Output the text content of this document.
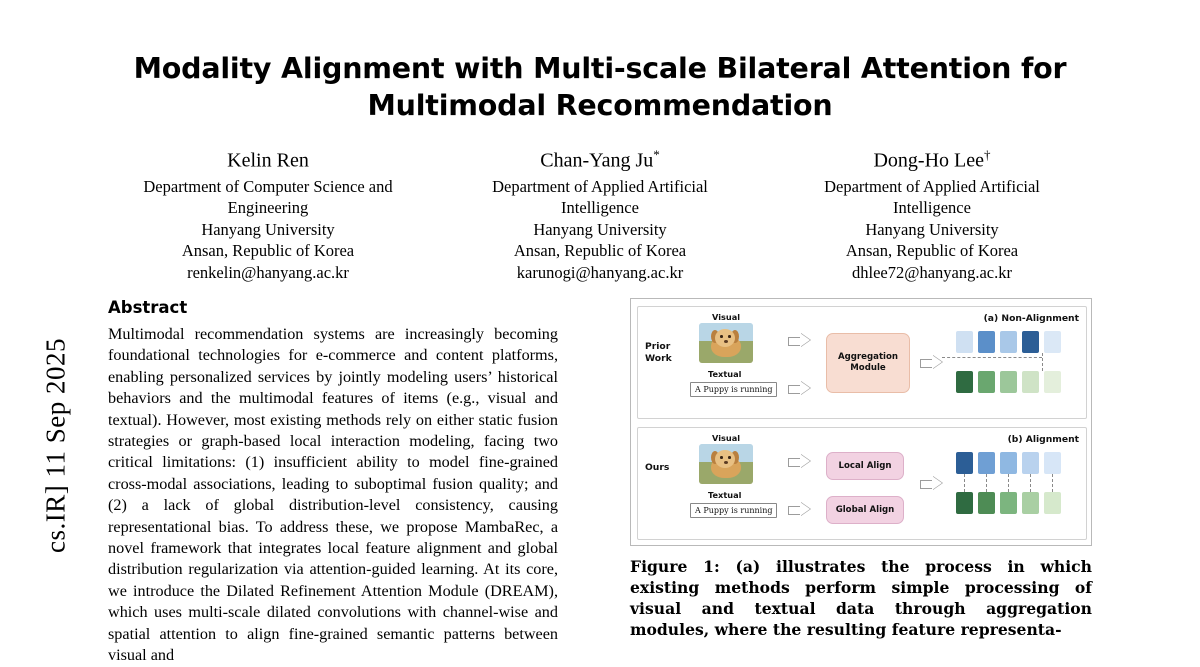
cs.IR] 11 Sep 2025
Modality Alignment with Multi-scale Bilateral Attention for Multimodal Recommendation
Kelin Ren
Department of Computer Science and
Engineering
Hanyang University
Ansan, Republic of Korea
renkelin@hanyang.ac.kr
Chan-Yang Ju*
Department of Applied Artificial
Intelligence
Hanyang University
Ansan, Republic of Korea
karunogi@hanyang.ac.kr
Dong-Ho Lee†
Department of Applied Artificial
Intelligence
Hanyang University
Ansan, Republic of Korea
dhlee72@hanyang.ac.kr
Abstract
Multimodal recommendation systems are increasingly becoming foundational technologies for e-commerce and content platforms, enabling personalized services by jointly modeling users’ historical behaviors and the multimodal features of items (e.g., visual and textual). However, most existing methods rely on either static fusion strategies or graph-based local interaction modeling, facing two critical limitations: (1) insufficient ability to model fine-grained cross-modal associations, leading to suboptimal fusion quality; and (2) a lack of global distribution-level consistency, causing representational bias. To address these, we propose MambaRec, a novel framework that integrates local feature alignment and global distribution regularization via attention-guided learning. At its core, we introduce the Dilated Refinement Attention Module (DREAM), which uses multi-scale dilated convolutions with channel-wise and spatial attention to align fine-grained semantic patterns between visual and
(a) Non-Alignment
Prior Work
Visual
Textual
A Puppy is running
Aggregation Module
(b) Alignment
Ours
Visual
Textual
A Puppy is running
Local Align
Global Align
Figure 1: (a) illustrates the process in which existing methods perform simple processing of visual and textual data through aggregation modules, where the resulting feature representa-
